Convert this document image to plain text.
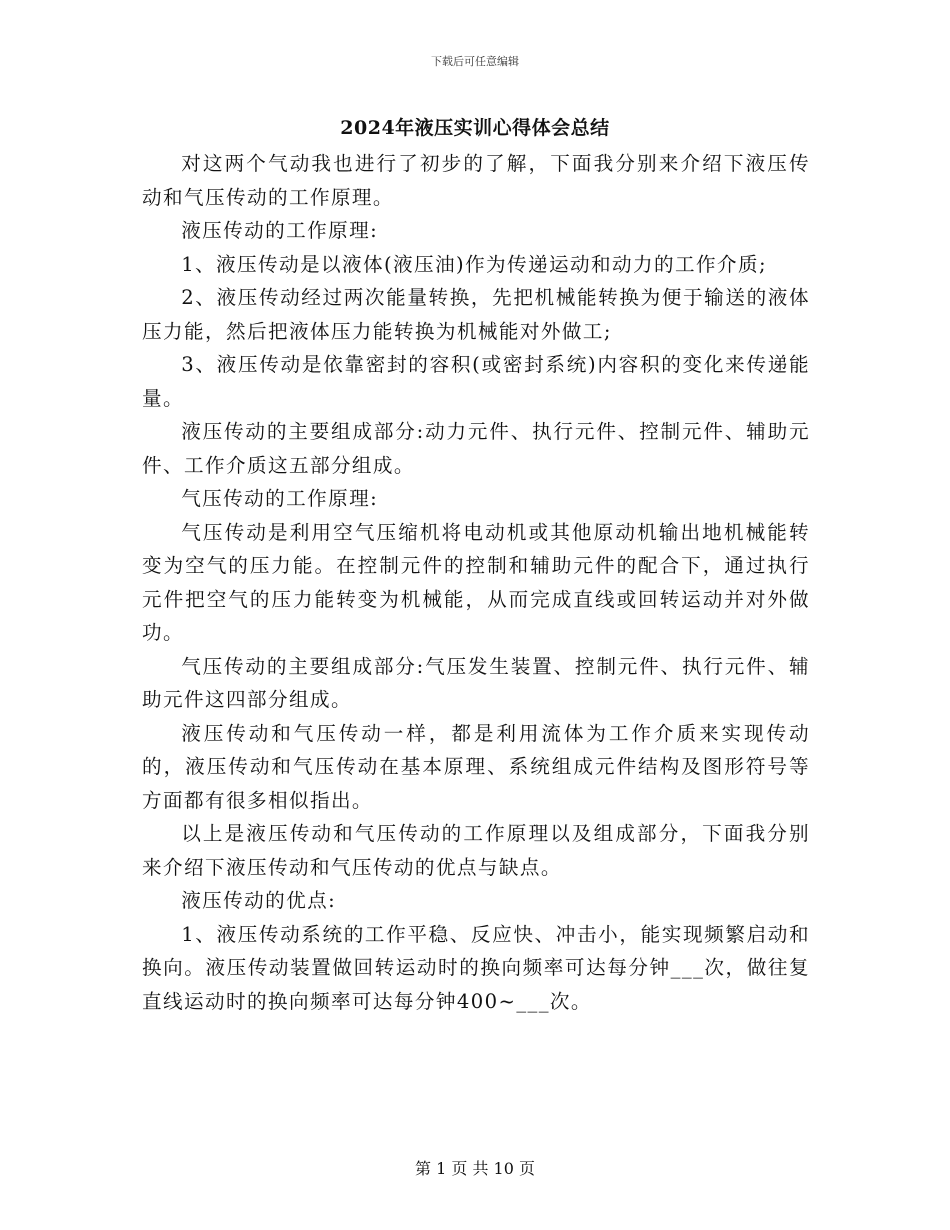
下载后可任意编辑
2024年液压实训心得体会总结

对这两个气动我也进行了初步的了解，下面我分别来介绍下液压传动和气压传动的工作原理。

液压传动的工作原理:

1、液压传动是以液体(液压油)作为传递运动和动力的工作介质;

2、液压传动经过两次能量转换，先把机械能转换为便于输送的液体压力能，然后把液体压力能转换为机械能对外做工;

3、液压传动是依靠密封的容积(或密封系统)内容积的变化来传递能量。

液压传动的主要组成部分:动力元件、执行元件、控制元件、辅助元件、工作介质这五部分组成。

气压传动的工作原理:

气压传动是利用空气压缩机将电动机或其他原动机输出地机械能转变为空气的压力能。在控制元件的控制和辅助元件的配合下，通过执行元件把空气的压力能转变为机械能，从而完成直线或回转运动并对外做功。

气压传动的主要组成部分:气压发生装置、控制元件、执行元件、辅助元件这四部分组成。

液压传动和气压传动一样，都是利用流体为工作介质来实现传动的，液压传动和气压传动在基本原理、系统组成元件结构及图形符号等方面都有很多相似指出。

以上是液压传动和气压传动的工作原理以及组成部分，下面我分别来介绍下液压传动和气压传动的优点与缺点。

液压传动的优点:

1、液压传动系统的工作平稳、反应快、冲击小，能实现频繁启动和换向。液压传动装置做回转运动时的换向频率可达每分钟___次，做往复直线运动时的换向频率可达每分钟400~___次。

第 1 页 共 10 页
